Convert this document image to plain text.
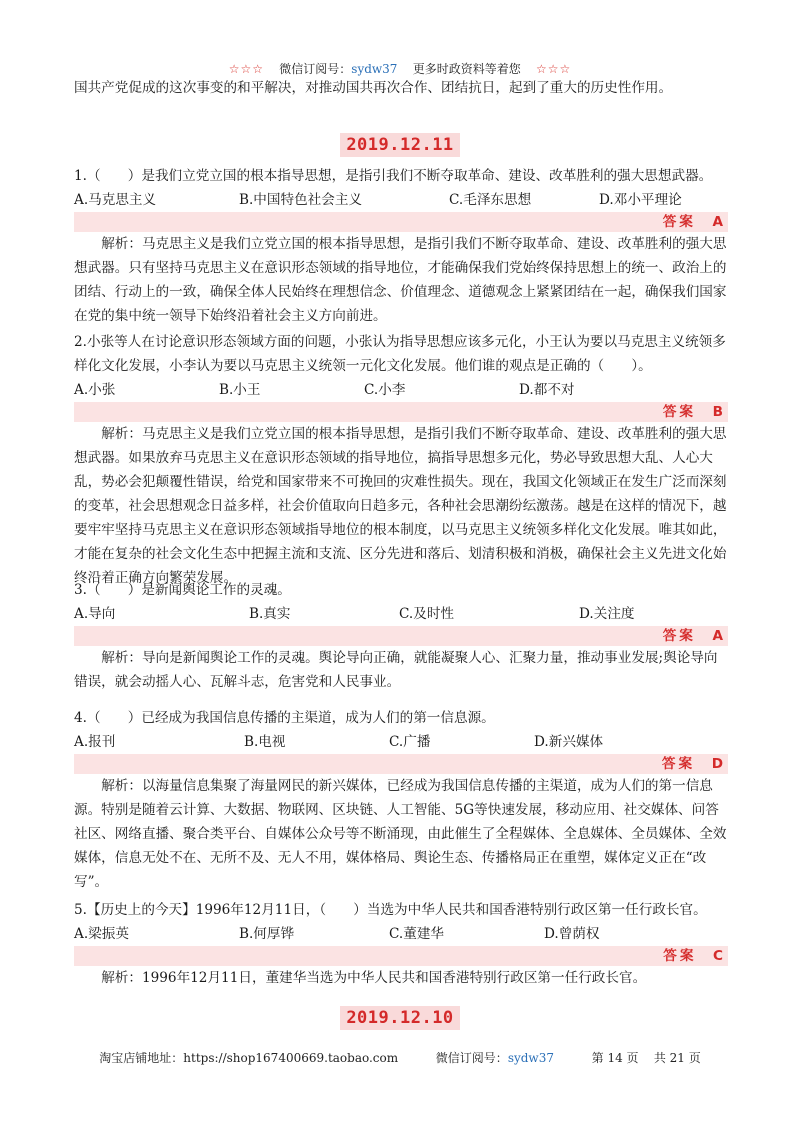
☆☆☆ 微信订阅号：sydw37 更多时政资料等着您 ☆☆☆
国共产党促成的这次事变的和平解决，对推动国共再次合作、团结抗日，起到了重大的历史性作用。
2019.12.11

1.（　　）是我们立党立国的根本指导思想，是指引我们不断夺取革命、建设、改革胜利的强大思想武器。

A.马克思主义	B.中国特色社会主义	C.毛泽东思想	D.邓小平理论
答案　A

解析：马克思主义是我们立党立国的根本指导思想，是指引我们不断夺取革命、建设、改革胜利的强大思想武器。只有坚持马克思主义在意识形态领域的指导地位，才能确保我们党始终保持思想上的统一、政治上的团结、行动上的一致，确保全体人民始终在理想信念、价值理念、道德观念上紧紧团结在一起，确保我们国家在党的集中统一领导下始终沿着社会主义方向前进。

2.小张等人在讨论意识形态领域方面的问题，小张认为指导思想应该多元化，小王认为要以马克思主义统领多样化文化发展，小李认为要以马克思主义统领一元化文化发展。他们谁的观点是正确的（　　）。

A.小张	B.小王	C.小李	D.都不对
答案　B

解析：马克思主义是我们立党立国的根本指导思想，是指引我们不断夺取革命、建设、改革胜利的强大思想武器。如果放弃马克思主义在意识形态领域的指导地位，搞指导思想多元化，势必导致思想大乱、人心大乱，势必会犯颠覆性错误，给党和国家带来不可挽回的灾难性损失。现在，我国文化领域正在发生广泛而深刻的变革，社会思想观念日益多样，社会价值取向日趋多元，各种社会思潮纷纭激荡。越是在这样的情况下，越要牢牢坚持马克思主义在意识形态领域指导地位的根本制度，以马克思主义统领多样化文化发展。唯其如此，才能在复杂的社会文化生态中把握主流和支流、区分先进和落后、划清积极和消极，确保社会主义先进文化始终沿着正确方向繁荣发展。

3.（　　）是新闻舆论工作的灵魂。

A.导向	B.真实	C.及时性	D.关注度
答案　A

解析：导向是新闻舆论工作的灵魂。舆论导向正确，就能凝聚人心、汇聚力量，推动事业发展;舆论导向错误，就会动摇人心、瓦解斗志，危害党和人民事业。

4.（　　）已经成为我国信息传播的主渠道，成为人们的第一信息源。

A.报刊	B.电视	C.广播	D.新兴媒体
答案　D

解析：以海量信息集聚了海量网民的新兴媒体，已经成为我国信息传播的主渠道，成为人们的第一信息源。特别是随着云计算、大数据、物联网、区块链、人工智能、5G等快速发展，移动应用、社交媒体、问答社区、网络直播、聚合类平台、自媒体公众号等不断涌现，由此催生了全程媒体、全息媒体、全员媒体、全效媒体，信息无处不在、无所不及、无人不用，媒体格局、舆论生态、传播格局正在重塑，媒体定义正在“改写”。

5.【历史上的今天】1996年12月11日，（　　）当选为中华人民共和国香港特别行政区第一任行政长官。

A.梁振英	B.何厚铧	C.董建华	D.曾荫权
答案　C

解析：1996年12月11日，董建华当选为中华人民共和国香港特别行政区第一任行政长官。

2019.12.10
淘宝店铺地址：https://shop167400669.taobao.com	微信订阅号：sydw37	第 14 页 共 21 页
